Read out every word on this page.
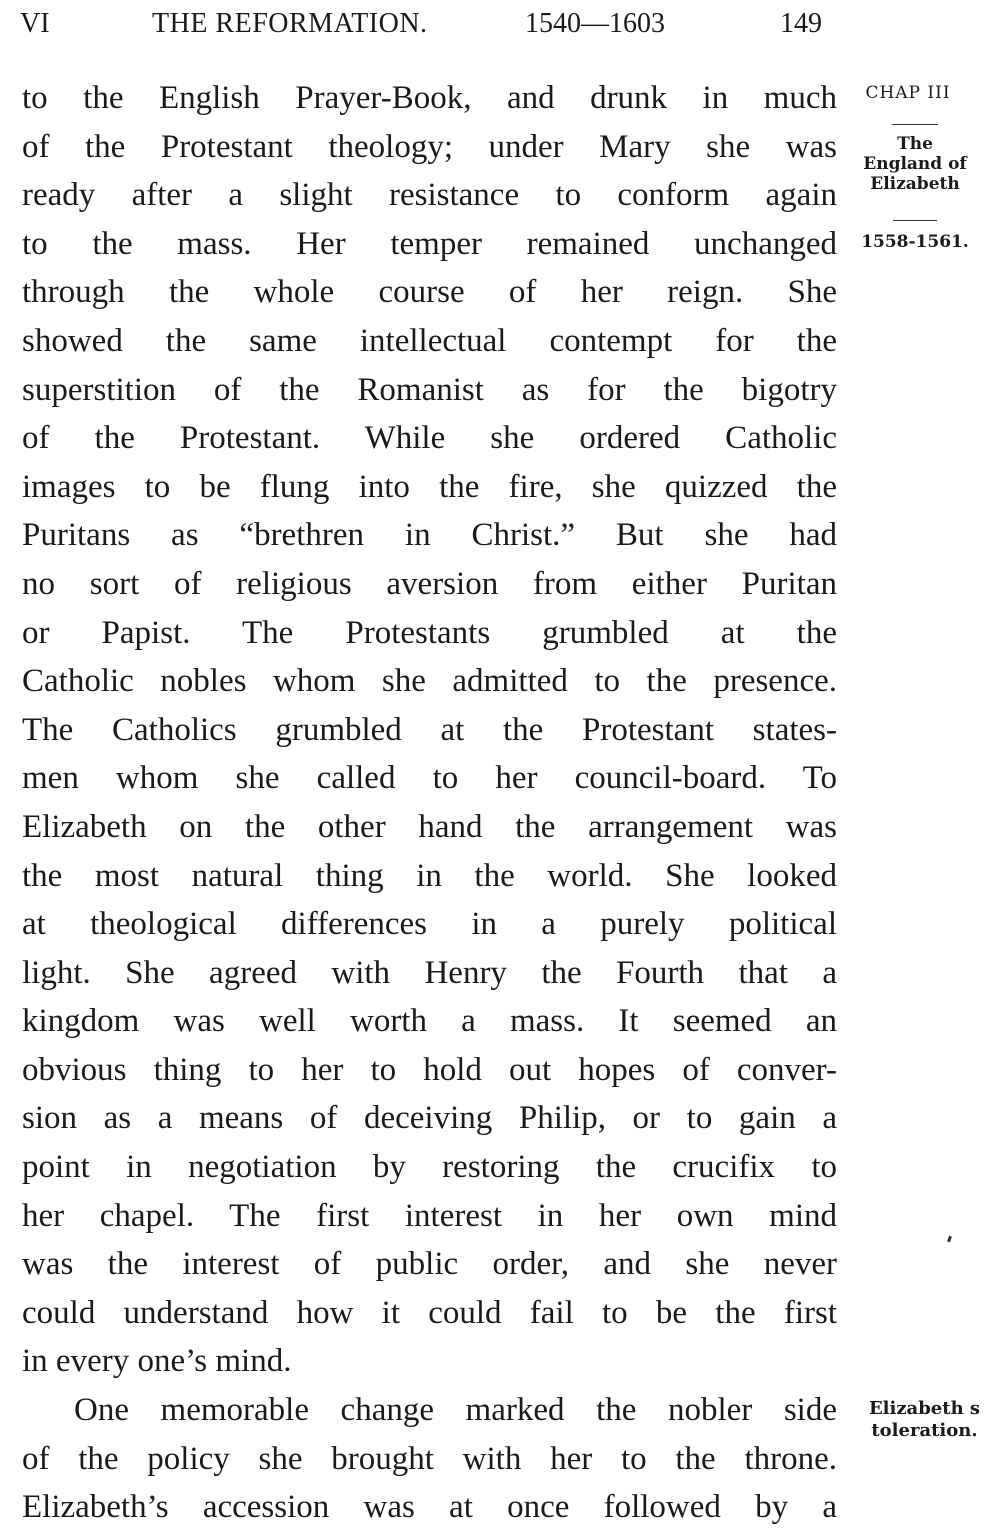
VI	THE REFORMATION.	1540—1603	149
to the English Prayer-Book, and drunk in much
of the Protestant theology; under Mary she was
ready after a slight resistance to conform again
to the mass. Her temper remained unchanged
through the whole course of her reign. She
showed the same intellectual contempt for the
superstition of the Romanist as for the bigotry
of the Protestant. While she ordered Catholic
images to be flung into the fire, she quizzed the
Puritans as “brethren in Christ.” But she had
no sort of religious aversion from either Puritan
or Papist. The Protestants grumbled at the
Catholic nobles whom she admitted to the presence.
The Catholics grumbled at the Protestant states-
men whom she called to her council-board. To
Elizabeth on the other hand the arrangement was
the most natural thing in the world. She looked
at theological differences in a purely political
light. She agreed with Henry the Fourth that a
kingdom was well worth a mass. It seemed an
obvious thing to her to hold out hopes of conver-
sion as a means of deceiving Philip, or to gain a
point in negotiation by restoring the crucifix to
her chapel. The first interest in her own mind
was the interest of public order, and she never
could understand how it could fail to be the first
in every one’s mind.
One memorable change marked the nobler side
of the policy she brought with her to the throne.
Elizabeth’s accession was at once followed by a
CHAP III
The
England of
Elizabeth
1558-1561.
Elizabeth s
toleration.
